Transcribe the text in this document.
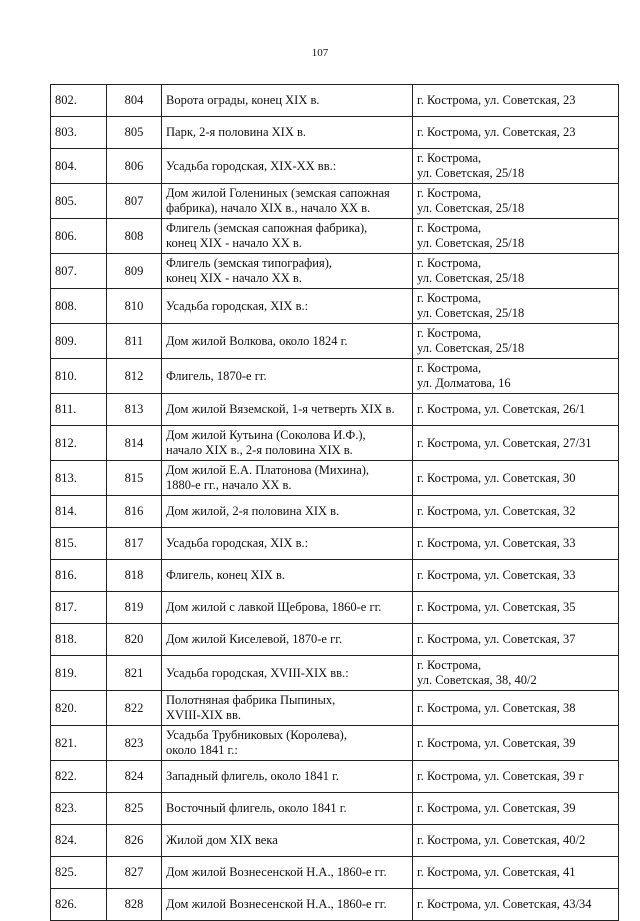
107
802.	804	Ворота ограды, конец XIX в.	г. Кострома, ул. Советская, 23
803.	805	Парк, 2-я половина XIX в.	г. Кострома, ул. Советская, 23
804.	806	Усадьба городская, XIX-XX вв.:	г. Кострома,
ул. Советская, 25/18
805.	807	Дом жилой Голениных (земская сапожная фабрика), начало XIX в., начало XX в.	г. Кострома,
ул. Советская, 25/18
806.	808	Флигель (земская сапожная фабрика),
конец XIX - начало XX в.	г. Кострома,
ул. Советская, 25/18
807.	809	Флигель (земская типография),
конец XIX - начало XX в.	г. Кострома,
ул. Советская, 25/18
808.	810	Усадьба городская, XIX в.:	г. Кострома,
ул. Советская, 25/18
809.	811	Дом жилой Волкова, около 1824 г.	г. Кострома,
ул. Советская, 25/18
810.	812	Флигель, 1870-е гг.	г. Кострома,
ул. Долматова, 16
811.	813	Дом жилой Вяземской, 1-я четверть XIX в.	г. Кострома, ул. Советская, 26/1
812.	814	Дом жилой Кутьина (Соколова И.Ф.),
начало XIX в., 2-я половина XIX в.	г. Кострома, ул. Советская, 27/31
813.	815	Дом жилой Е.А. Платонова (Михина),
1880-е гг., начало XX в.	г. Кострома, ул. Советская, 30
814.	816	Дом жилой, 2-я половина XIX в.	г. Кострома, ул. Советская, 32
815.	817	Усадьба городская, XIX в.:	г. Кострома, ул. Советская, 33
816.	818	Флигель, конец XIX в.	г. Кострома, ул. Советская, 33
817.	819	Дом жилой с лавкой Щеброва, 1860-е гг.	г. Кострома, ул. Советская, 35
818.	820	Дом жилой Киселевой, 1870-е гг.	г. Кострома, ул. Советская, 37
819.	821	Усадьба городская, XVIII-XIX вв.:	г. Кострома,
ул. Советская, 38, 40/2
820.	822	Полотняная фабрика Пыпиных,
XVIII-XIX вв.	г. Кострома, ул. Советская, 38
821.	823	Усадьба Трубниковых (Королева),
около 1841 г.:	г. Кострома, ул. Советская, 39
822.	824	Западный флигель, около 1841 г.	г. Кострома, ул. Советская, 39 г
823.	825	Восточный флигель, около 1841 г.	г. Кострома, ул. Советская, 39
824.	826	Жилой дом XIX века	г. Кострома, ул. Советская, 40/2
825.	827	Дом жилой Вознесенской Н.А., 1860-е гг.	г. Кострома, ул. Советская, 41
826.	828	Дом жилой Вознесенской Н.А., 1860-е гг.	г. Кострома, ул. Советская, 43/34
